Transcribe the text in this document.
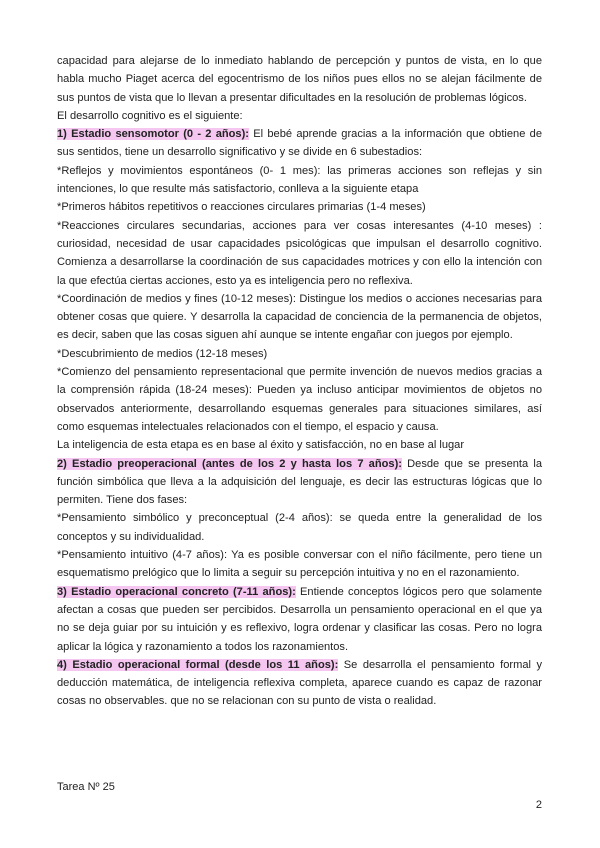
capacidad para alejarse de lo inmediato hablando de percepción y puntos de vista, en lo que habla mucho Piaget acerca del egocentrismo de los niños pues ellos no se alejan fácilmente de sus puntos de vista que lo llevan a presentar dificultades en la resolución de problemas lógicos.

El desarrollo cognitivo es el siguiente:

1) Estadio sensomotor (0 - 2 años): El bebé aprende gracias a la información que obtiene de sus sentidos, tiene un desarrollo significativo y se divide en 6 subestadios:

*Reflejos y movimientos espontáneos (0- 1 mes): las primeras acciones son reflejas y sin intenciones, lo que resulte más satisfactorio, conlleva a la siguiente etapa

*Primeros hábitos repetitivos o reacciones circulares primarias (1-4 meses)

*Reacciones circulares secundarias, acciones para ver cosas interesantes (4-10 meses) : curiosidad, necesidad de usar capacidades psicológicas que impulsan el desarrollo cognitivo. Comienza a desarrollarse la coordinación de sus capacidades motrices y con ello la intención con la que efectúa ciertas acciones, esto ya es inteligencia pero no reflexiva.

*Coordinación de medios y fines (10-12 meses): Distingue los medios o acciones necesarias para obtener cosas que quiere. Y desarrolla la capacidad de conciencia de la permanencia de objetos, es decir, saben que las cosas siguen ahí aunque se intente engañar con juegos por ejemplo.

*Descubrimiento de medios (12-18 meses)

*Comienzo del pensamiento representacional que permite invención de nuevos medios gracias a la comprensión rápida (18-24 meses): Pueden ya incluso anticipar movimientos de objetos no observados anteriormente, desarrollando esquemas generales para situaciones similares, así como esquemas intelectuales relacionados con el tiempo, el espacio y causa.

La inteligencia de esta etapa es en base al éxito y satisfacción, no en base al lugar

2) Estadio preoperacional (antes de los 2 y hasta los 7 años): Desde que se presenta la función simbólica que lleva a la adquisición del lenguaje, es decir las estructuras lógicas que lo permiten. Tiene dos fases:

*Pensamiento simbólico y preconceptual (2-4 años): se queda entre la generalidad de los conceptos y su individualidad.

*Pensamiento intuitivo (4-7 años): Ya es posible conversar con el niño fácilmente, pero tiene un esquematismo prelógico que lo limita a seguir su percepción intuitiva y no en el razonamiento.

3) Estadio operacional concreto (7-11 años): Entiende conceptos lógicos pero que solamente afectan a cosas que pueden ser percibidos. Desarrolla un pensamiento operacional en el que ya no se deja guiar por su intuición y es reflexivo, logra ordenar y clasificar las cosas. Pero no logra aplicar la lógica y razonamiento a todos los razonamientos.

4) Estadio operacional formal (desde los 11 años): Se desarrolla el pensamiento formal y deducción matemática, de inteligencia reflexiva completa, aparece cuando es capaz de razonar cosas no observables. que no se relacionan con su punto de vista o realidad.

Tarea Nº 25
2
